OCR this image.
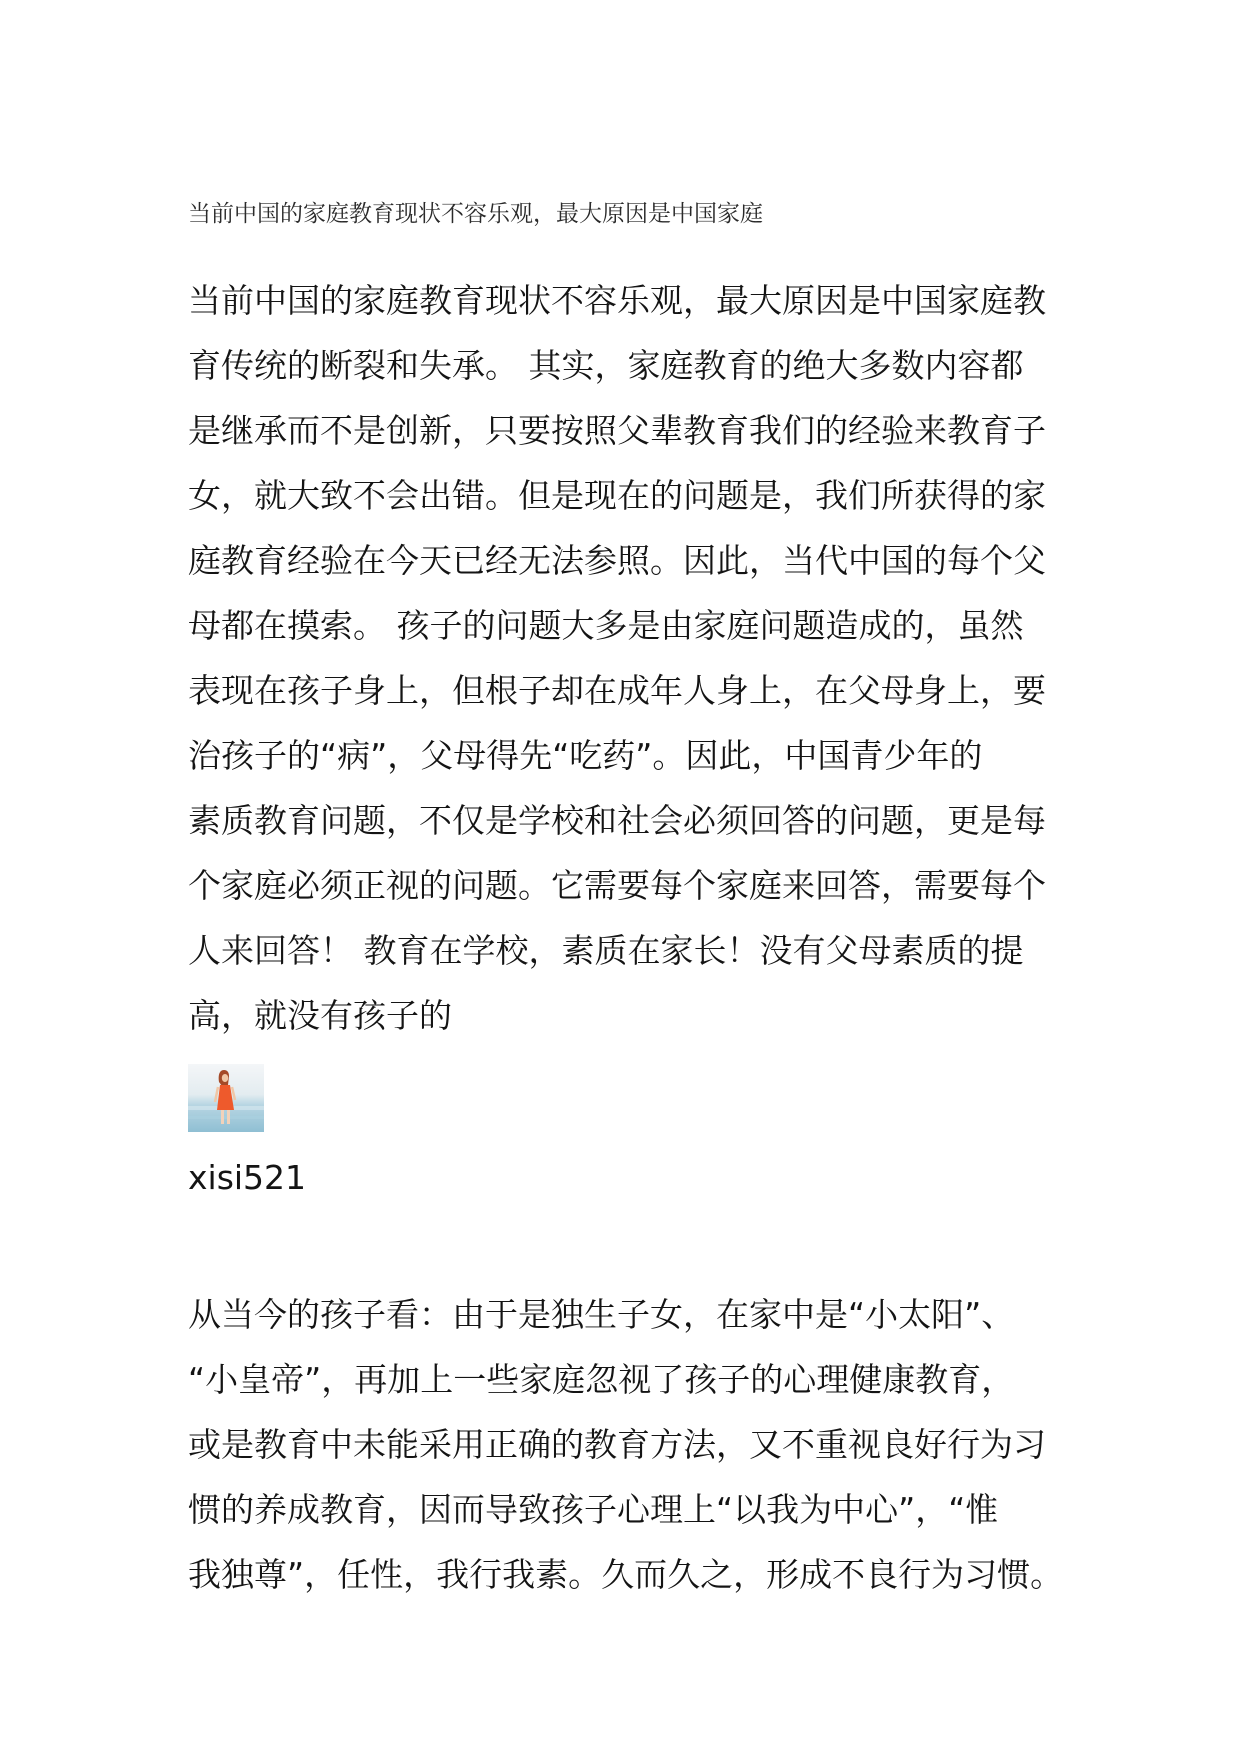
当前中国的家庭教育现状不容乐观，最大原因是中国家庭
当前中国的家庭教育现状不容乐观，最大原因是中国家庭教
育传统的断裂和失承。 其实，家庭教育的绝大多数内容都
是继承而不是创新，只要按照父辈教育我们的经验来教育子
女，就大致不会出错。但是现在的问题是，我们所获得的家
庭教育经验在今天已经无法参照。因此，当代中国的每个父
母都在摸索。 孩子的问题大多是由家庭问题造成的，虽然
表现在孩子身上，但根子却在成年人身上，在父母身上，要
治孩子的“病”，父母得先“吃药”。因此，中国青少年的
素质教育问题，不仅是学校和社会必须回答的问题，更是每
个家庭必须正视的问题。它需要每个家庭来回答，需要每个
人来回答！ 教育在学校，素质在家长！没有父母素质的提
高，就没有孩子的
xisi521
从当今的孩子看：由于是独生子女，在家中是“小太阳”、
“小皇帝”，再加上一些家庭忽视了孩子的心理健康教育，
或是教育中未能采用正确的教育方法，又不重视良好行为习
惯的养成教育，因而导致孩子心理上“以我为中心”，“惟
我独尊”，任性，我行我素。久而久之，形成不良行为习惯。
